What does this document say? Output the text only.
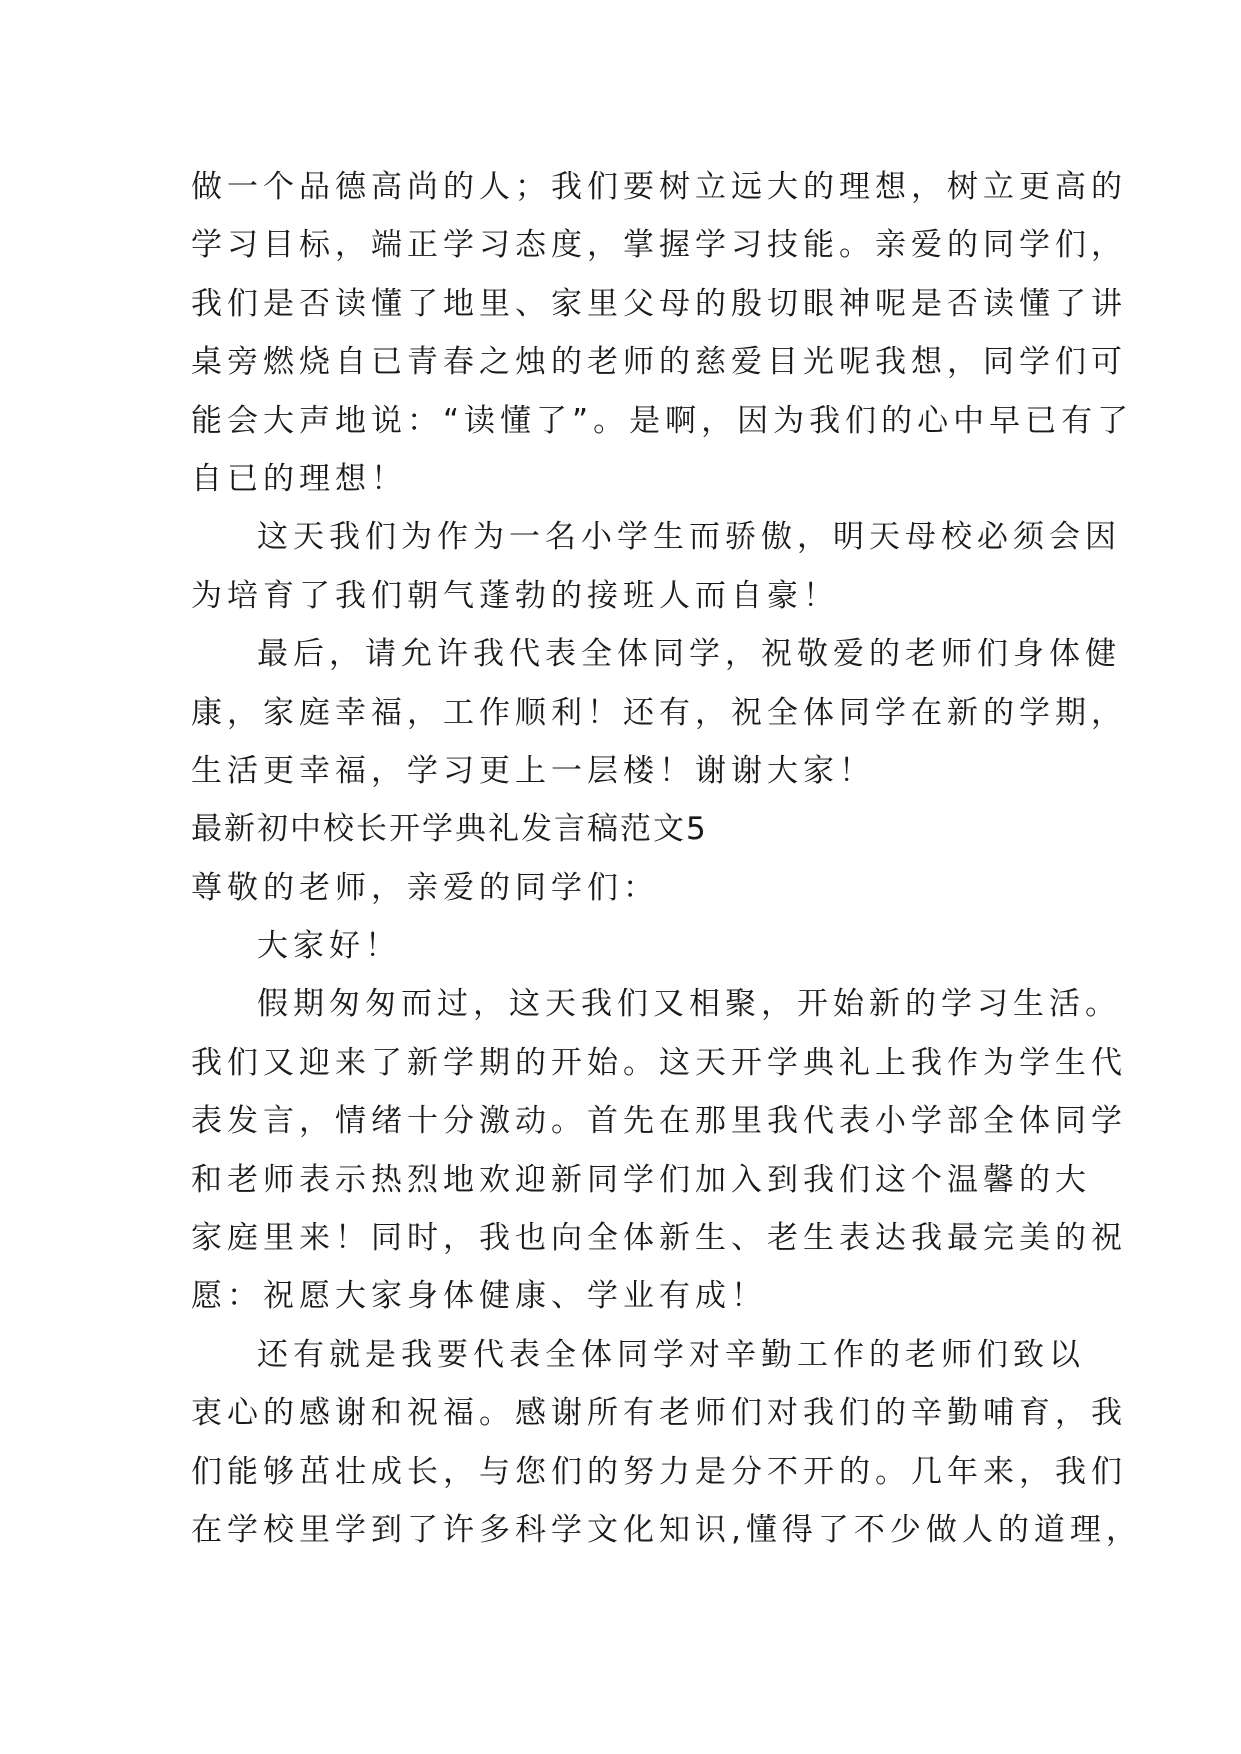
做一个品德高尚的人；我们要树立远大的理想，树立更高的
学习目标，端正学习态度，掌握学习技能。亲爱的同学们，
我们是否读懂了地里、家里父母的殷切眼神呢是否读懂了讲
桌旁燃烧自已青春之烛的老师的慈爱目光呢我想，同学们可
能会大声地说：“读懂了”。是啊，因为我们的心中早已有了
自已的理想！
这天我们为作为一名小学生而骄傲，明天母校必须会因
为培育了我们朝气蓬勃的接班人而自豪！
最后，请允许我代表全体同学，祝敬爱的老师们身体健
康，家庭幸福，工作顺利！还有，祝全体同学在新的学期，
生活更幸福，学习更上一层楼！谢谢大家！
最新初中校长开学典礼发言稿范文5
尊敬的老师，亲爱的同学们：
大家好！
假期匆匆而过，这天我们又相聚，开始新的学习生活。
我们又迎来了新学期的开始。这天开学典礼上我作为学生代
表发言，情绪十分激动。首先在那里我代表小学部全体同学
和老师表示热烈地欢迎新同学们加入到我们这个温馨的大
家庭里来！同时，我也向全体新生、老生表达我最完美的祝
愿：祝愿大家身体健康、学业有成！
还有就是我要代表全体同学对辛勤工作的老师们致以
衷心的感谢和祝福。感谢所有老师们对我们的辛勤哺育，我
们能够茁壮成长，与您们的努力是分不开的。几年来，我们
在学校里学到了许多科学文化知识,懂得了不少做人的道理，
